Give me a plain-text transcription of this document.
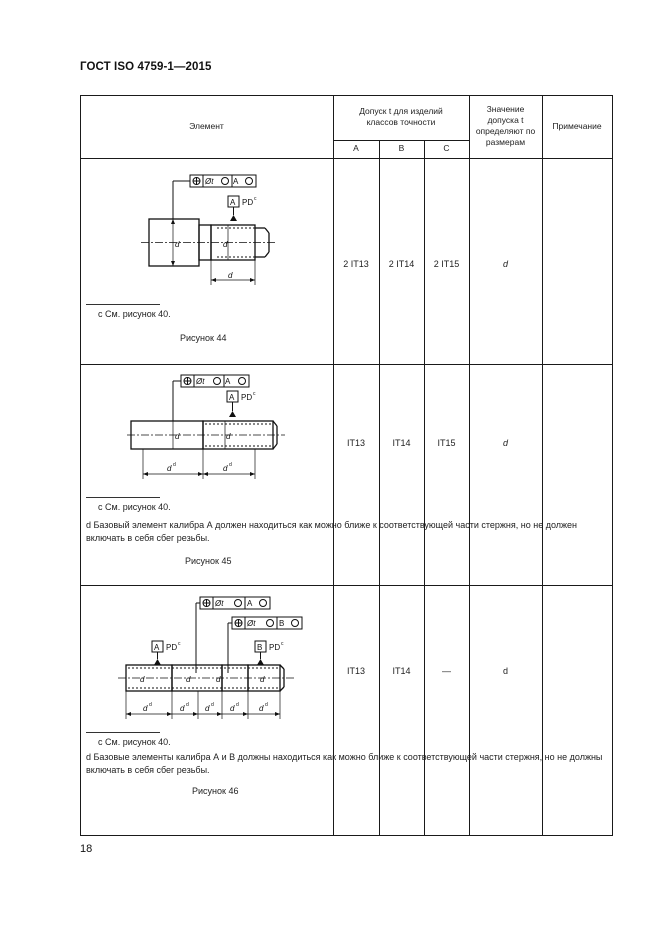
ГОСТ ISO 4759-1—2015
Элемент
Допуск t для изделий классов точности
A	B	C
Значение допуска t определяют по размерам
Примечание
2 IT13	2 IT14	2 IT15	d
IT13	IT14	IT15	d
IT13	IT14	—	d
Øt A
A PD c
d
d	d
c См. рисунок 40.
Рисунок 44
Øt	A
A PD c
d d	d d
d	d
c См. рисунок 40.
d Базовый элемент калибра А должен находиться как можно ближе к соответствующей части стержня, но не должен включать в себя сбег резьбы.
Рисунок 45
Øt	A
Øt	B
A PD c	B PD c
d d	d d d d d d	d d
d	d	d	d
c См. рисунок 40.
d Базовые элементы калибра А и В должны находиться как можно ближе к соответствующей части стержня, но не должны включать в себя сбег резьбы.
Рисунок 46
18
